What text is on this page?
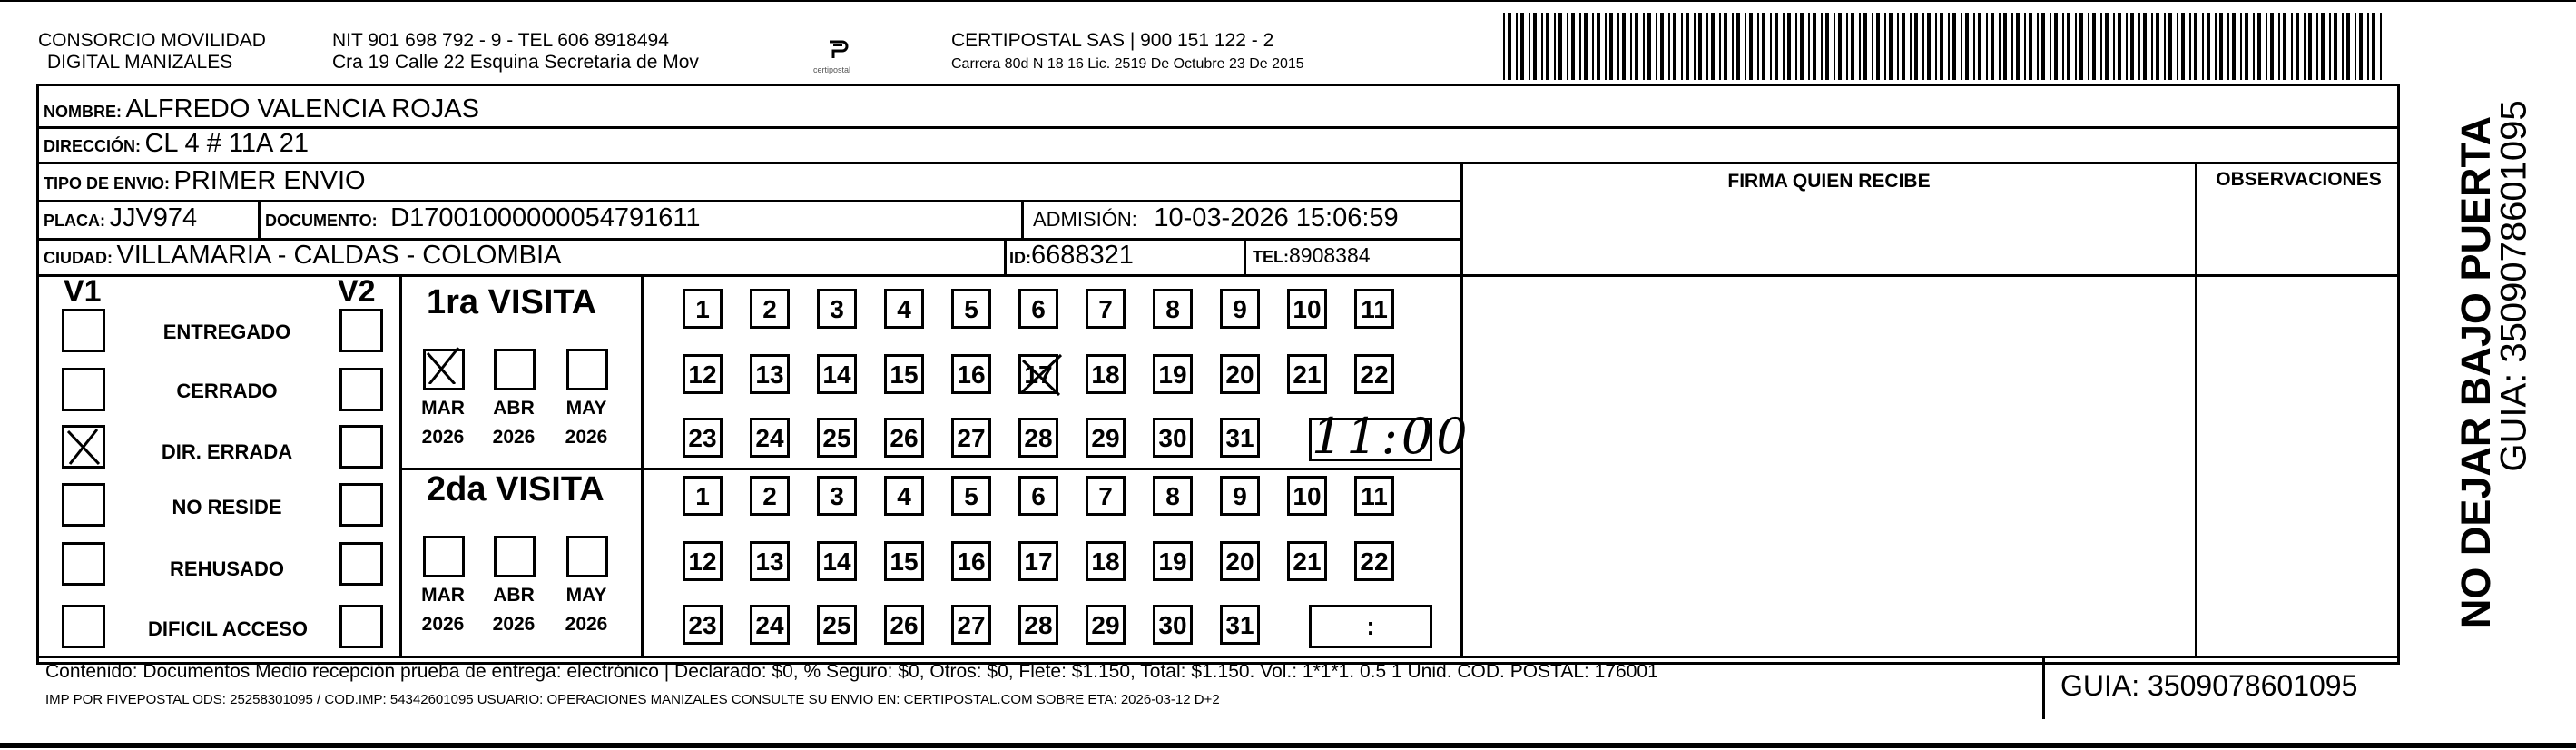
CONSORCIO MOVILIDAD
DIGITAL MANIZALES
NIT 901 698 792 - 9 - TEL 606 8918494
Cra 19 Calle 22 Esquina Secretaria de Mov	certipostal
CERTIPOSTAL SAS | 900 151 122 - 2
Carrera 80d N 18 16 Lic. 2519 De Octubre 23 De 2015
NOMBRE: ALFREDO VALENCIA ROJAS
DIRECCIÓN: CL 4 # 11A 21
TIPO DE ENVIO: PRIMER ENVIO
PLACA: JJV974	DOCUMENTO: D17001000000054791611	ADMISIÓN: 10-03-2026 15:06:59
CIUDAD: VILLAMARIA - CALDAS - COLOMBIA	ID:6688321	TEL:8908384
FIRMA QUIEN RECIBE	OBSERVACIONES
V1	V2
ENTREGADO
CERRADO
DIR. ERRADA
NO RESIDE
REHUSADO
DIFICIL ACCESO
1ra VISITA
MAR
2026
ABR
2026
MAY
2026
1	2	3	4	5	6	7	8	9	10 11
12 13 14 15 16 17 18 19 20 21 22
23 24 25 26 27 28 29 30 31 11:00
2da VISITA
MAR
2026
ABR
2026
MAY
2026
1	2	3	4	5	6	7	8	9	10 11
12 13 14 15 16 17 18 19 20 21 22
23 24 25 26 27 28 29 30 31	:
Contenido: Documentos Medio recepción prueba de entrega: electrónico | Declarado: $0, % Seguro: $0, Otros: $0, Flete: $1.150, Total: $1.150. Vol.: 1*1*1. 0.5 1 Unid. COD. POSTAL: 176001
IMP POR FIVEPOSTAL ODS: 25258301095 / COD.IMP: 54342601095 USUARIO: OPERACIONES MANIZALES CONSULTE SU ENVIO EN: CERTIPOSTAL.COM SOBRE ETA: 2026-03-12 D+2	GUIA: 3509078601095
NO DEJAR BAJO PUERTA
GUIA: 3509078601095
